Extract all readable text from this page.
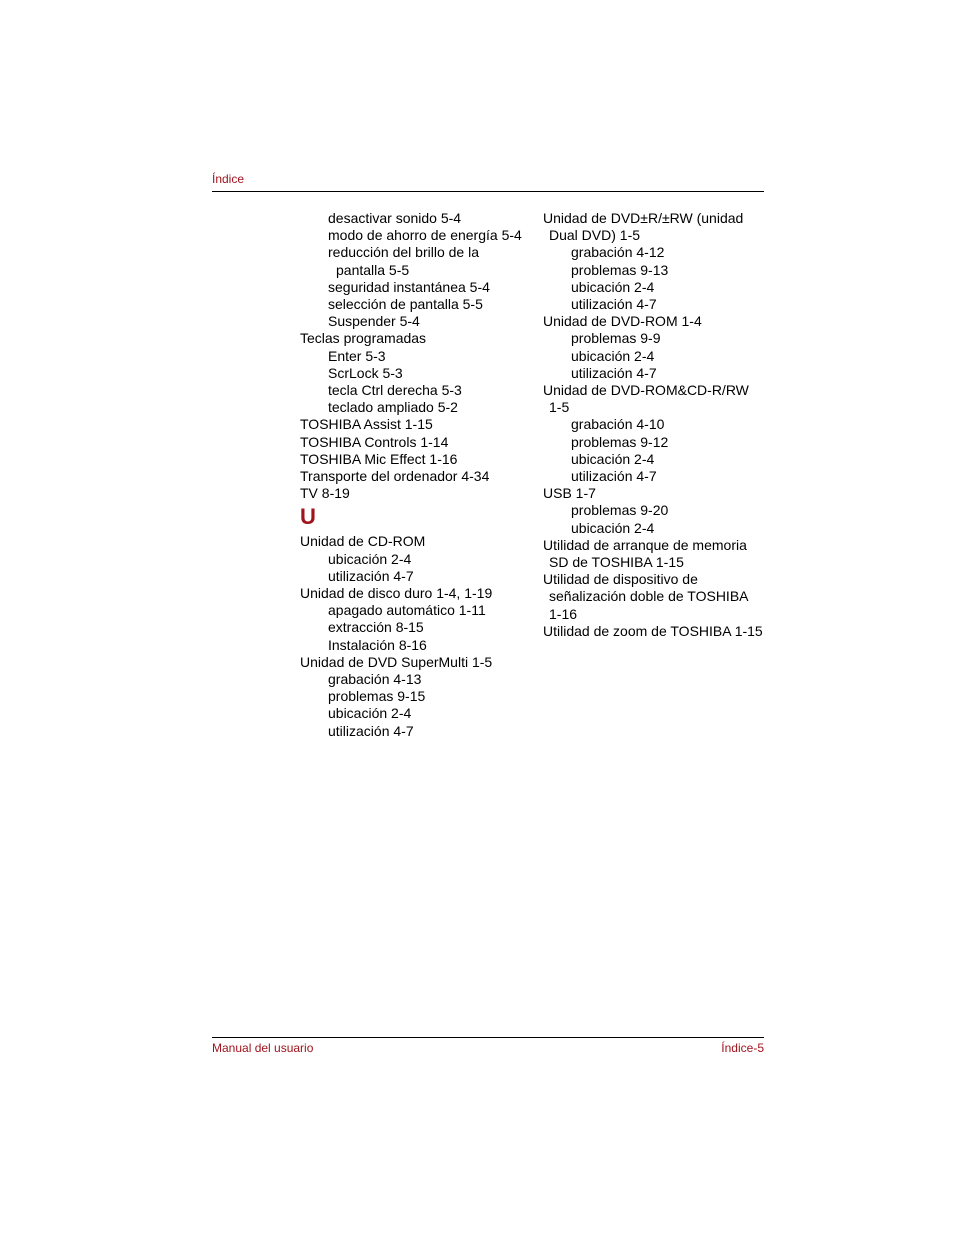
Índice
desactivar sonido 5-4
modo de ahorro de energía 5-4
reducción del brillo de la
pantalla 5-5
seguridad instantánea 5-4
selección de pantalla 5-5
Suspender 5-4
Teclas programadas
Enter 5-3
ScrLock 5-3
tecla Ctrl derecha 5-3
teclado ampliado 5-2
TOSHIBA Assist 1-15
TOSHIBA Controls 1-14
TOSHIBA Mic Effect 1-16
Transporte del ordenador 4-34
TV 8-19
U
Unidad de CD-ROM
ubicación 2-4
utilización 4-7
Unidad de disco duro 1-4, 1-19
apagado automático 1-11
extracción 8-15
Instalación 8-16
Unidad de DVD SuperMulti 1-5
grabación 4-13
problemas 9-15
ubicación 2-4
utilización 4-7
Unidad de DVD±R/±RW (unidad
Dual DVD) 1-5
grabación 4-12
problemas 9-13
ubicación 2-4
utilización 4-7
Unidad de DVD-ROM 1-4
problemas 9-9
ubicación 2-4
utilización 4-7
Unidad de DVD-ROM&CD-R/RW
1-5
grabación 4-10
problemas 9-12
ubicación 2-4
utilización 4-7
USB 1-7
problemas 9-20
ubicación 2-4
Utilidad de arranque de memoria
SD de TOSHIBA 1-15
Utilidad de dispositivo de
señalización doble de TOSHIBA
1-16
Utilidad de zoom de TOSHIBA 1-15
Manual del usuario	Índice-5
